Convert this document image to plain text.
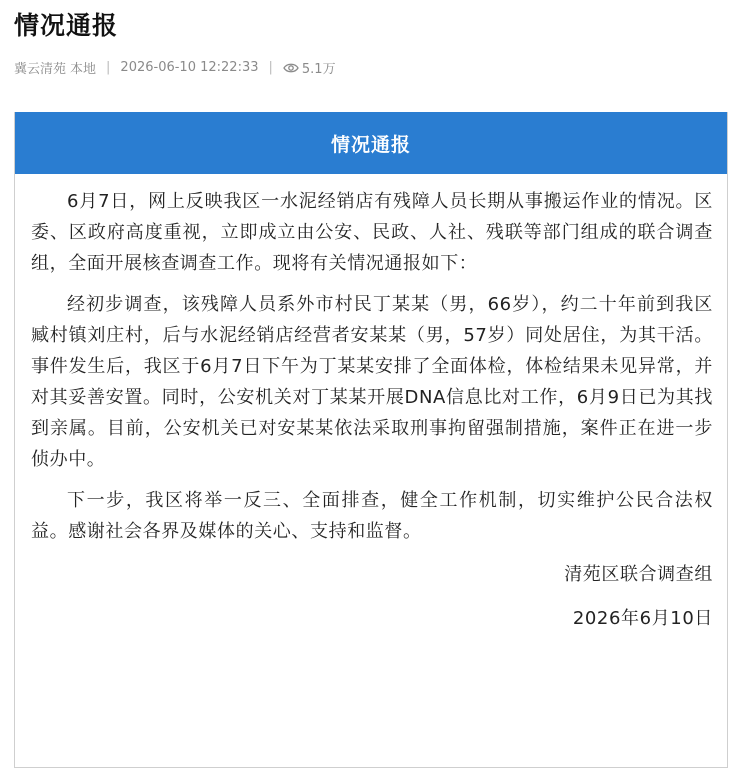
情况通报
冀云清苑 本地 | 2026-06-10 12:22:33 | 5.1万
情况通报

6月7日，网上反映我区一水泥经销店有残障人员长期从事搬运作业的情况。区委、区政府高度重视，立即成立由公安、民政、人社、残联等部门组成的联合调查组，全面开展核查调查工作。现将有关情况通报如下：

经初步调查，该残障人员系外市村民丁某某（男，66岁），约二十年前到我区臧村镇刘庄村，后与水泥经销店经营者安某某（男，57岁）同处居住，为其干活。事件发生后，我区于6月7日下午为丁某某安排了全面体检，体检结果未见异常，并对其妥善安置。同时，公安机关对丁某某开展DNA信息比对工作，6月9日已为其找到亲属。目前，公安机关已对安某某依法采取刑事拘留强制措施，案件正在进一步侦办中。

下一步，我区将举一反三、全面排查，健全工作机制，切实维护公民合法权益。感谢社会各界及媒体的关心、支持和监督。

清苑区联合调查组

2026年6月10日
